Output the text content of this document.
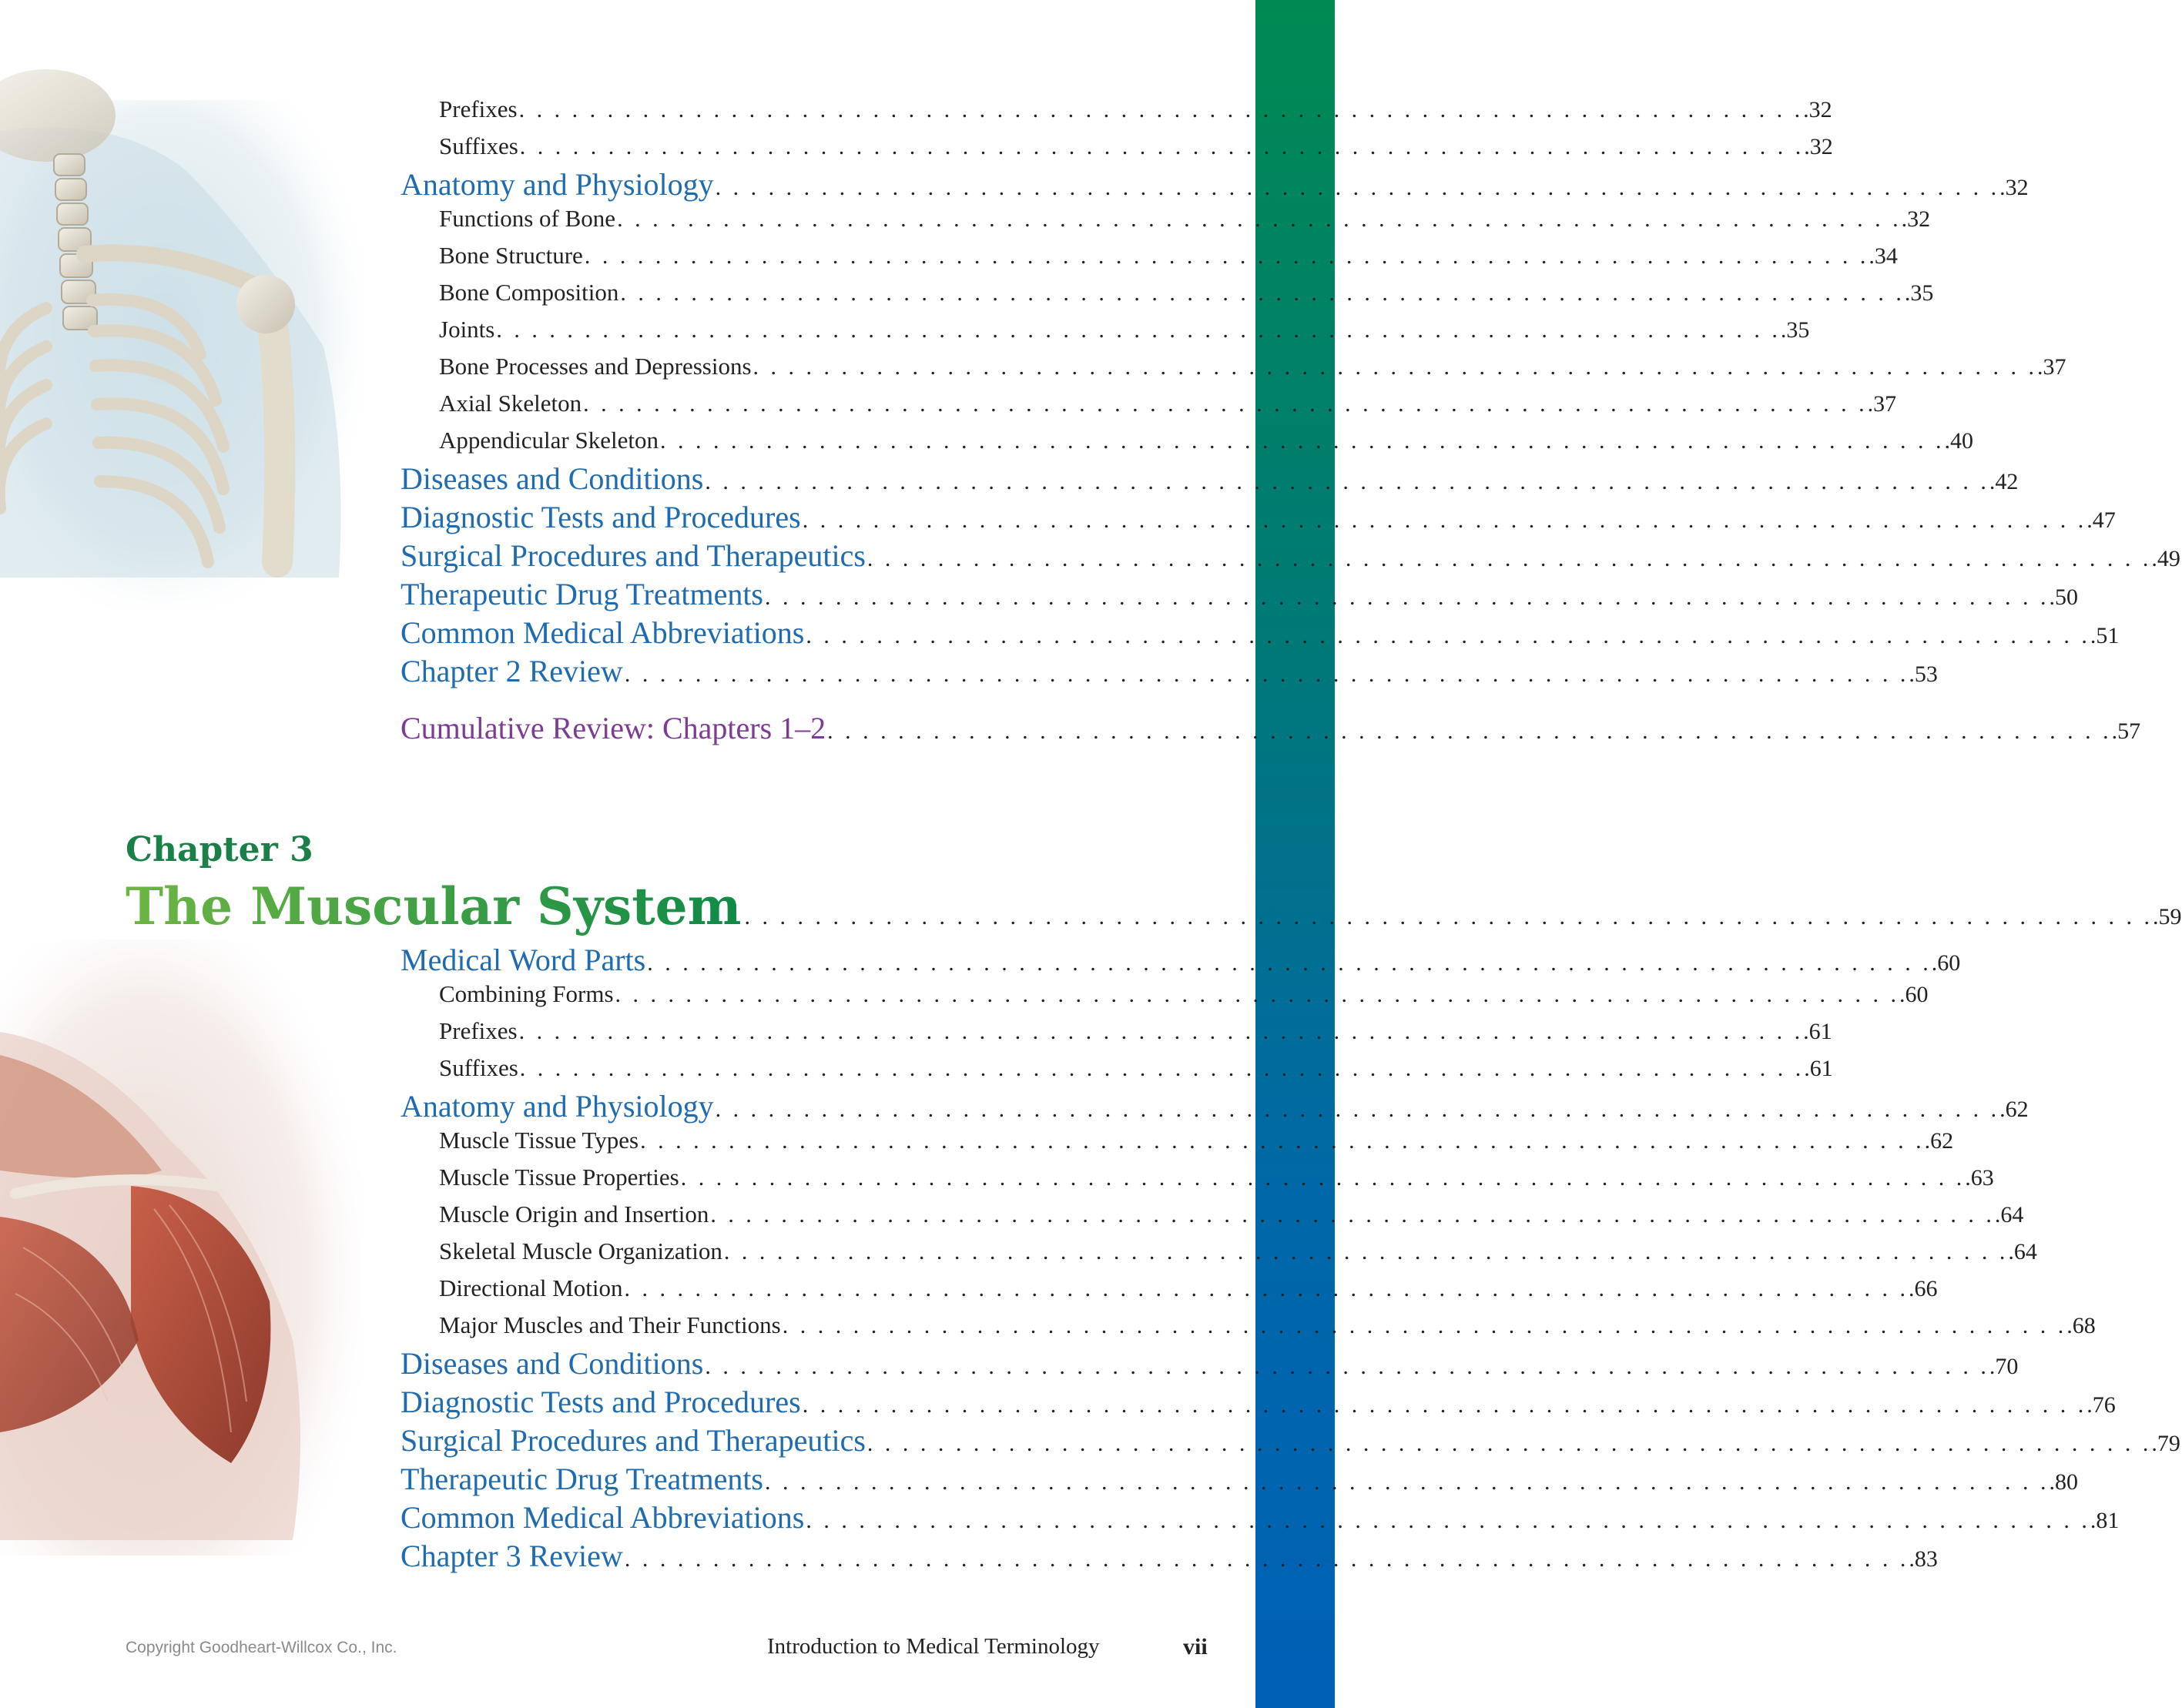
Prefixes . . . . . . . . . . . . . . . . . . . . . . . . . . . . . . . . . . . . . . . . . . . . . . . . . . . . . . . . . . . . . . . . . . . . . . . . . .32
Suffixes . . . . . . . . . . . . . . . . . . . . . . . . . . . . . . . . . . . . . . . . . . . . . . . . . . . . . . . . . . . . . . . . . . . . . . . . . .32
Anatomy and Physiology . . . . . . . . . . . . . . . . . . . . . . . . . . . . . . . . . . . . . . . . . . . . . . . . . . . . . . . . . . . . . . . . . . . . . . . . . .32
Functions of Bone . . . . . . . . . . . . . . . . . . . . . . . . . . . . . . . . . . . . . . . . . . . . . . . . . . . . . . . . . . . . . . . . . . . . . . . . . .32
Bone Structure . . . . . . . . . . . . . . . . . . . . . . . . . . . . . . . . . . . . . . . . . . . . . . . . . . . . . . . . . . . . . . . . . . . . . . . . . .34
Bone Composition . . . . . . . . . . . . . . . . . . . . . . . . . . . . . . . . . . . . . . . . . . . . . . . . . . . . . . . . . . . . . . . . . . . . . . . . . .35
Joints . . . . . . . . . . . . . . . . . . . . . . . . . . . . . . . . . . . . . . . . . . . . . . . . . . . . . . . . . . . . . . . . . . . . . . . . . .35
Bone Processes and Depressions . . . . . . . . . . . . . . . . . . . . . . . . . . . . . . . . . . . . . . . . . . . . . . . . . . . . . . . . . . . . . . . . . . . . . . . . . .37
Axial Skeleton . . . . . . . . . . . . . . . . . . . . . . . . . . . . . . . . . . . . . . . . . . . . . . . . . . . . . . . . . . . . . . . . . . . . . . . . . .37
Appendicular Skeleton . . . . . . . . . . . . . . . . . . . . . . . . . . . . . . . . . . . . . . . . . . . . . . . . . . . . . . . . . . . . . . . . . . . . . . . . . .40
Diseases and Conditions . . . . . . . . . . . . . . . . . . . . . . . . . . . . . . . . . . . . . . . . . . . . . . . . . . . . . . . . . . . . . . . . . . . . . . . . . .42
Diagnostic Tests and Procedures . . . . . . . . . . . . . . . . . . . . . . . . . . . . . . . . . . . . . . . . . . . . . . . . . . . . . . . . . . . . . . . . . . . . . . . . . .47
Surgical Procedures and Therapeutics . . . . . . . . . . . . . . . . . . . . . . . . . . . . . . . . . . . . . . . . . . . . . . . . . . . . . . . . . . . . . . . . . . . . . . . . . .49
Therapeutic Drug Treatments . . . . . . . . . . . . . . . . . . . . . . . . . . . . . . . . . . . . . . . . . . . . . . . . . . . . . . . . . . . . . . . . . . . . . . . . . .50
Common Medical Abbreviations . . . . . . . . . . . . . . . . . . . . . . . . . . . . . . . . . . . . . . . . . . . . . . . . . . . . . . . . . . . . . . . . . . . . . . . . . .51
Chapter 2 Review . . . . . . . . . . . . . . . . . . . . . . . . . . . . . . . . . . . . . . . . . . . . . . . . . . . . . . . . . . . . . . . . . . . . . . . . . .53
Cumulative Review: Chapters 1–2 . . . . . . . . . . . . . . . . . . . . . . . . . . . . . . . . . . . . . . . . . . . . . . . . . . . . . . . . . . . . . . . . . . . . . . . . . .57
Chapter 3
The Muscular System . . . . . . . . . . . . . . . . . . . . . . . . . . . . . . . . . . . . . . . . . . . . . . . . . . . . . . . . . . . . . . . . . . . . . . . . . . . . . . . . .59
Medical Word Parts . . . . . . . . . . . . . . . . . . . . . . . . . . . . . . . . . . . . . . . . . . . . . . . . . . . . . . . . . . . . . . . . . . . . . . . . . .60
Combining Forms . . . . . . . . . . . . . . . . . . . . . . . . . . . . . . . . . . . . . . . . . . . . . . . . . . . . . . . . . . . . . . . . . . . . . . . . . .60
Prefixes . . . . . . . . . . . . . . . . . . . . . . . . . . . . . . . . . . . . . . . . . . . . . . . . . . . . . . . . . . . . . . . . . . . . . . . . . .61
Suffixes . . . . . . . . . . . . . . . . . . . . . . . . . . . . . . . . . . . . . . . . . . . . . . . . . . . . . . . . . . . . . . . . . . . . . . . . . .61
Anatomy and Physiology . . . . . . . . . . . . . . . . . . . . . . . . . . . . . . . . . . . . . . . . . . . . . . . . . . . . . . . . . . . . . . . . . . . . . . . . . .62
Muscle Tissue Types . . . . . . . . . . . . . . . . . . . . . . . . . . . . . . . . . . . . . . . . . . . . . . . . . . . . . . . . . . . . . . . . . . . . . . . . . .62
Muscle Tissue Properties . . . . . . . . . . . . . . . . . . . . . . . . . . . . . . . . . . . . . . . . . . . . . . . . . . . . . . . . . . . . . . . . . . . . . . . . . .63
Muscle Origin and Insertion . . . . . . . . . . . . . . . . . . . . . . . . . . . . . . . . . . . . . . . . . . . . . . . . . . . . . . . . . . . . . . . . . . . . . . . . . .64
Skeletal Muscle Organization . . . . . . . . . . . . . . . . . . . . . . . . . . . . . . . . . . . . . . . . . . . . . . . . . . . . . . . . . . . . . . . . . . . . . . . . . .64
Directional Motion . . . . . . . . . . . . . . . . . . . . . . . . . . . . . . . . . . . . . . . . . . . . . . . . . . . . . . . . . . . . . . . . . . . . . . . . . .66
Major Muscles and Their Functions . . . . . . . . . . . . . . . . . . . . . . . . . . . . . . . . . . . . . . . . . . . . . . . . . . . . . . . . . . . . . . . . . . . . . . . . . .68
Diseases and Conditions . . . . . . . . . . . . . . . . . . . . . . . . . . . . . . . . . . . . . . . . . . . . . . . . . . . . . . . . . . . . . . . . . . . . . . . . . .70
Diagnostic Tests and Procedures . . . . . . . . . . . . . . . . . . . . . . . . . . . . . . . . . . . . . . . . . . . . . . . . . . . . . . . . . . . . . . . . . . . . . . . . . .76
Surgical Procedures and Therapeutics . . . . . . . . . . . . . . . . . . . . . . . . . . . . . . . . . . . . . . . . . . . . . . . . . . . . . . . . . . . . . . . . . . . . . . . . . .79
Therapeutic Drug Treatments . . . . . . . . . . . . . . . . . . . . . . . . . . . . . . . . . . . . . . . . . . . . . . . . . . . . . . . . . . . . . . . . . . . . . . . . . .80
Common Medical Abbreviations . . . . . . . . . . . . . . . . . . . . . . . . . . . . . . . . . . . . . . . . . . . . . . . . . . . . . . . . . . . . . . . . . . . . . . . . . .81
Chapter 3 Review . . . . . . . . . . . . . . . . . . . . . . . . . . . . . . . . . . . . . . . . . . . . . . . . . . . . . . . . . . . . . . . . . . . . . . . . . .83
Copyright Goodheart-Willcox Co., Inc.	Introduction to Medical Terminology	vii
